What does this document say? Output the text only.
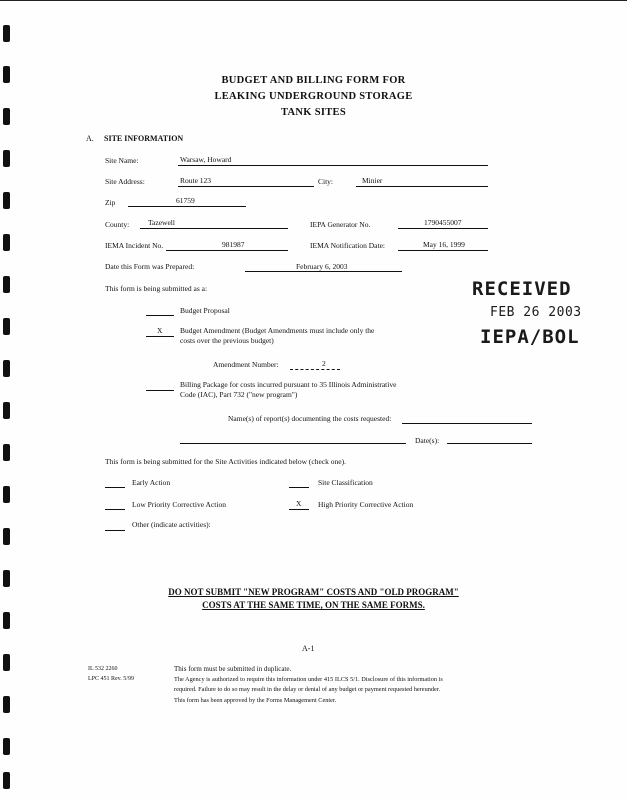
BUDGET AND BILLING FORM FOR
LEAKING UNDERGROUND STORAGE
TANK SITES
A. SITE INFORMATION
Site Name:	Warsaw, Howard
Site Address:	Route 123	City:	Minier
Zip	61759
County:	Tazewell	IEPA Generator No.	1790455007
IEMA Incident No.	981987	IEMA Notification Date:	May 16, 1999
Date this Form was Prepared:	February 6, 2003
This form is being submitted as a:
Budget Proposal
X Budget Amendment (Budget Amendments must include only the
costs over the previous budget)
Amendment Number:	2
Billing Package for costs incurred pursuant to 35 Illinois Administrative
Code (IAC), Part 732 ("new program")
Name(s) of report(s) documenting the costs requested:
Date(s):
This form is being submitted for the Site Activities indicated below (check one).
Early Action	Site Classification
Low Priority Corrective Action	X High Priority Corrective Action
Other (indicate activities):
DO NOT SUBMIT "NEW PROGRAM" COSTS AND "OLD PROGRAM"
COSTS AT THE SAME TIME, ON THE SAME FORMS.
A-1
IL 532 2260
LPC 451 Rev. 5/99
This form must be submitted in duplicate.
The Agency is authorized to require this information under 415 ILCS 5/1. Disclosure of this information is
required. Failure to do so may result in the delay or denial of any budget or payment requested hereunder.
This form has been approved by the Forms Management Center.
RECEIVED
FEB 26 2003
IEPA/BOL
